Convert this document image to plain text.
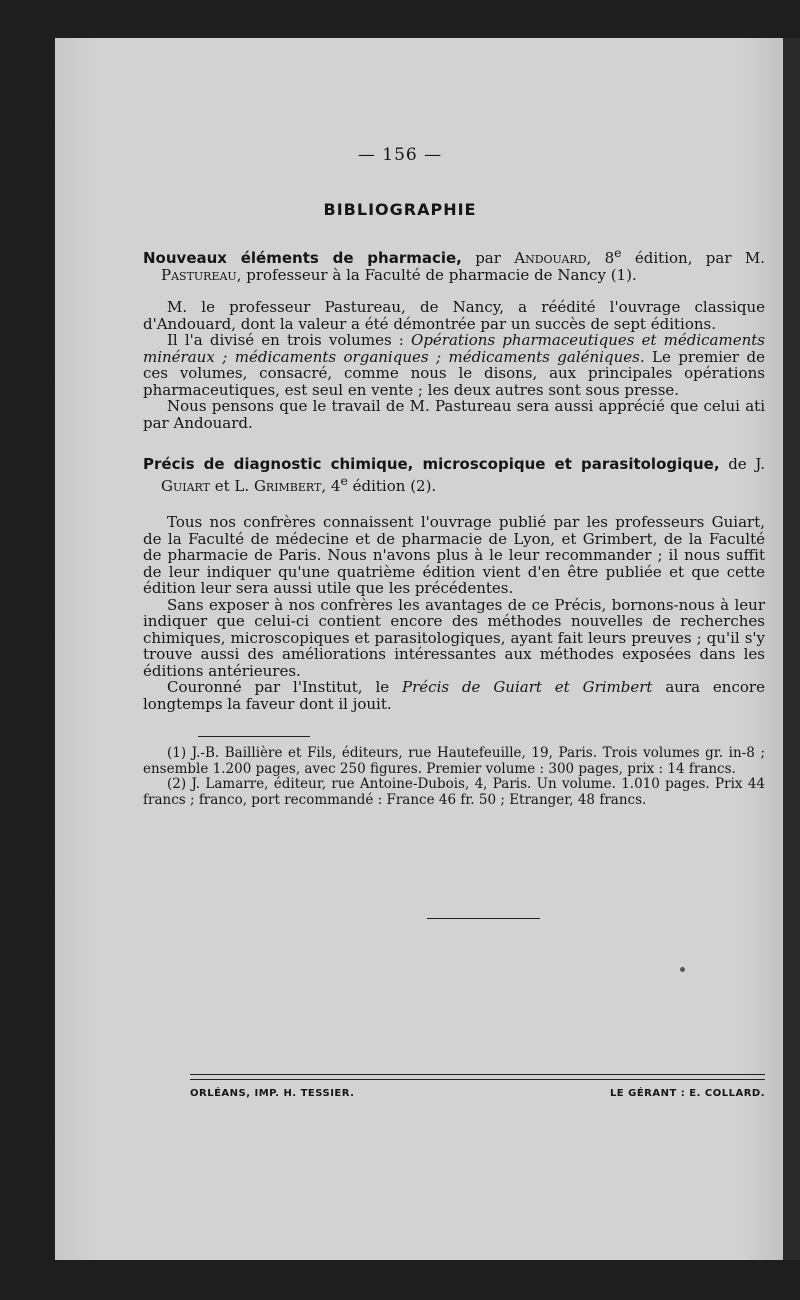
— 156 —
BIBLIOGRAPHIE

Nouveaux éléments de pharmacie, par Andouard, 8e édition, par M. Pastureau, professeur à la Faculté de pharmacie de Nancy (1).

M. le professeur Pastureau, de Nancy, a réédité l'ouvrage classique d'Andouard, dont la valeur a été démontrée par un succès de sept éditions.

Il l'a divisé en trois volumes : Opérations pharmaceutiques et médicaments minéraux ; médicaments organiques ; médicaments galéniques. Le premier de ces volumes, consacré, comme nous le disons, aux principales opérations pharmaceutiques, est seul en vente ; les deux autres sont sous presse.

Nous pensons que le travail de M. Pastureau sera aussi apprécié que celui ati par Andouard.

Précis de diagnostic chimique, microscopique et parasitologique, de J. Guiart et L. Grimbert, 4e édition (2).

Tous nos confrères connaissent l'ouvrage publié par les professeurs Guiart, de la Faculté de médecine et de pharmacie de Lyon, et Grimbert, de la Faculté de pharmacie de Paris. Nous n'avons plus à le leur recommander ; il nous suffit de leur indiquer qu'une quatrième édition vient d'en être publiée et que cette édition leur sera aussi utile que les précédentes.

Sans exposer à nos confrères les avantages de ce Précis, bornons-nous à leur indiquer que celui-ci contient encore des méthodes nouvelles de recherches chimiques, microscopiques et parasitologiques, ayant fait leurs preuves ; qu'il s'y trouve aussi des améliorations intéressantes aux méthodes exposées dans les éditions antérieures.

Couronné par l'Institut, le Précis de Guiart et Grimbert aura encore longtemps la faveur dont il jouit.

(1) J.-B. Baillière et Fils, éditeurs, rue Hautefeuille, 19, Paris. Trois volumes gr. in-8 ; ensemble 1.200 pages, avec 250 figures. Premier volume : 300 pages, prix : 14 francs.

(2) J. Lamarre, éditeur, rue Antoine-Dubois, 4, Paris. Un volume. 1.010 pages. Prix 44 francs ; franco, port recommandé : France 46 fr. 50 ; Etranger, 48 francs.

ORLÉANS, IMP. H. TESSIER.	LE GÉRANT : E. COLLARD.
